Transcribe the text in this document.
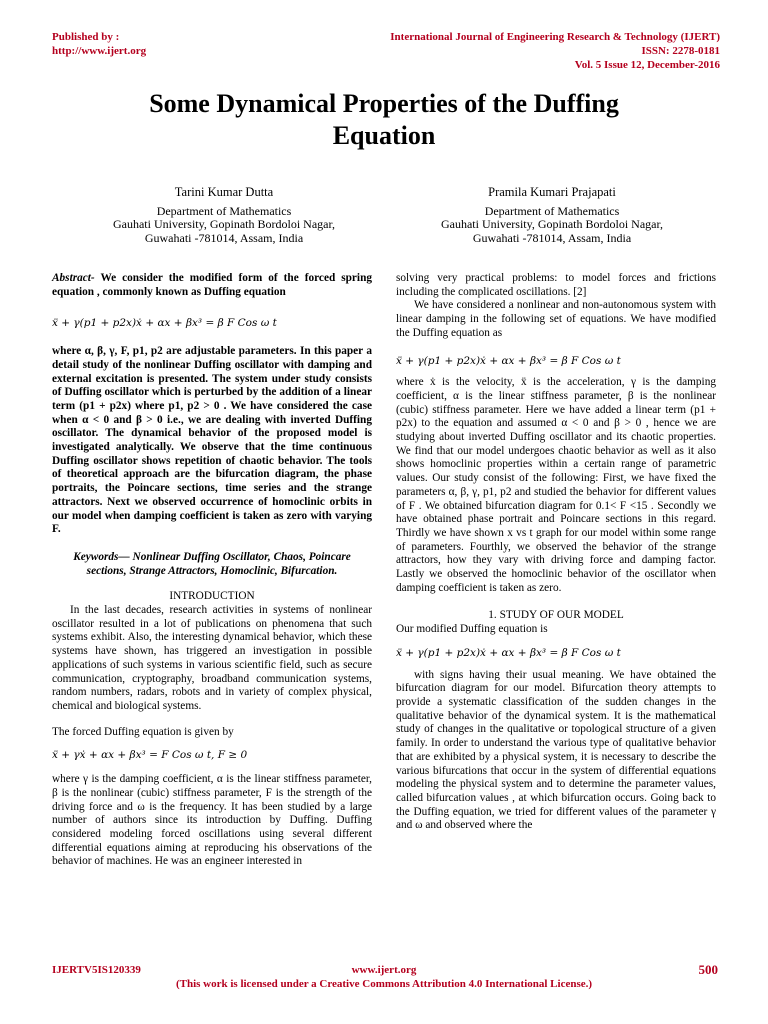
Published by :
http://www.ijert.org
International Journal of Engineering Research & Technology (IJERT)
ISSN: 2278-0181
Vol. 5 Issue 12, December-2016
Some Dynamical Properties of the Duffing
Equation
Tarini Kumar Dutta
Department of Mathematics
Gauhati University, Gopinath Bordoloi Nagar,
Guwahati -781014, Assam, India
Pramila Kumari Prajapati
Department of Mathematics
Gauhati University, Gopinath Bordoloi Nagar,
Guwahati -781014, Assam, India

Abstract- We consider the modified form of the forced spring equation , commonly known as Duffing equation

ẍ + γ(p1 + p2x)ẋ + αx + βx³ = β F Cos ω t

where α, β, γ, F, p1, p2 are adjustable parameters. In this paper a detail study of the nonlinear Duffing oscillator with damping and external excitation is presented. The system under study consists of Duffing oscillator which is perturbed by the addition of a linear term (p1 + p2x) where p1, p2 > 0 . We have considered the case when α < 0 and β > 0 i.e., we are dealing with inverted Duffing oscillator. The dynamical behavior of the proposed model is investigated analytically. We observe that the time continuous Duffing oscillator shows repetition of chaotic behavior. The tools of theoretical approach are the bifurcation diagram, the phase portraits, the Poincare sections, time series and the strange attractors. Next we observed occurrence of homoclinic orbits in our model when damping coefficient is taken as zero with varying F.

Keywords— Nonlinear Duffing Oscillator, Chaos, Poincare sections, Strange Attractors, Homoclinic, Bifurcation.

INTRODUCTION

In the last decades, research activities in systems of nonlinear oscillator resulted in a lot of publications on phenomena that such systems exhibit. Also, the interesting dynamical behavior, which these systems have shown, has triggered an investigation in possible applications of such systems in various scientific field, such as secure communication, cryptography, broadband communication systems, random numbers, radars, robots and in variety of complex physical, chemical and biological systems.

The forced Duffing equation is given by

ẍ + γẋ + αx + βx³ = F Cos ω t, F ≥ 0

where γ is the damping coefficient, α is the linear stiffness parameter, β is the nonlinear (cubic) stiffness parameter, F is the strength of the driving force and ω is the frequency. It has been studied by a large number of authors since its introduction by Duffing. Duffing considered modeling forced oscillations using several different differential equations aiming at reproducing his observations of the behavior of machines. He was an engineer interested in

solving very practical problems: to model forces and frictions including the complicated oscillations. [2]

We have considered a nonlinear and non-autonomous system with linear damping in the following set of equations. We have modified the Duffing equation as

ẍ + γ(p1 + p2x)ẋ + αx + βx³ = β F Cos ω t

where ẋ is the velocity, ẍ is the acceleration, γ is the damping coefficient, α is the linear stiffness parameter, β is the nonlinear (cubic) stiffness parameter. Here we have added a linear term (p1 + p2x) to the equation and assumed α < 0 and β > 0 , hence we are studying about inverted Duffing oscillator and its chaotic properties. We find that our model undergoes chaotic behavior as well as it also shows homoclinic properties within a certain range of parametric values. Our study consist of the following: First, we have fixed the parameters α, β, γ, p1, p2 and studied the behavior for different values of F . We obtained bifurcation diagram for 0.1< F <15 . Secondly we have obtained phase portrait and Poincare sections in this regard. Thirdly we have shown x vs t graph for our model within some range of parameters. Fourthly, we observed the behavior of the strange attractors, how they vary with driving force and damping factor. Lastly we observed the homoclinic behavior of the oscillator when damping coefficient is taken as zero.

1. STUDY OF OUR MODEL

Our modified Duffing equation is

ẍ + γ(p1 + p2x)ẋ + αx + βx³ = β F Cos ω t

with signs having their usual meaning. We have obtained the bifurcation diagram for our model. Bifurcation theory attempts to provide a systematic classification of the sudden changes in the qualitative behavior of the dynamical system. It is the mathematical study of changes in the qualitative or topological structure of a given family. In order to understand the various type of qualitative behavior that are exhibited by a physical system, it is necessary to describe the various bifurcations that occur in the system of differential equations modeling the physical system and to determine the parameter values, called bifurcation values , at which bifurcation occurs. Going back to the Duffing equation, we tried for different values of the parameter γ and ω and observed where the

IJERTV5IS120339	www.ijert.org	500
(This work is licensed under a Creative Commons Attribution 4.0 International License.)
